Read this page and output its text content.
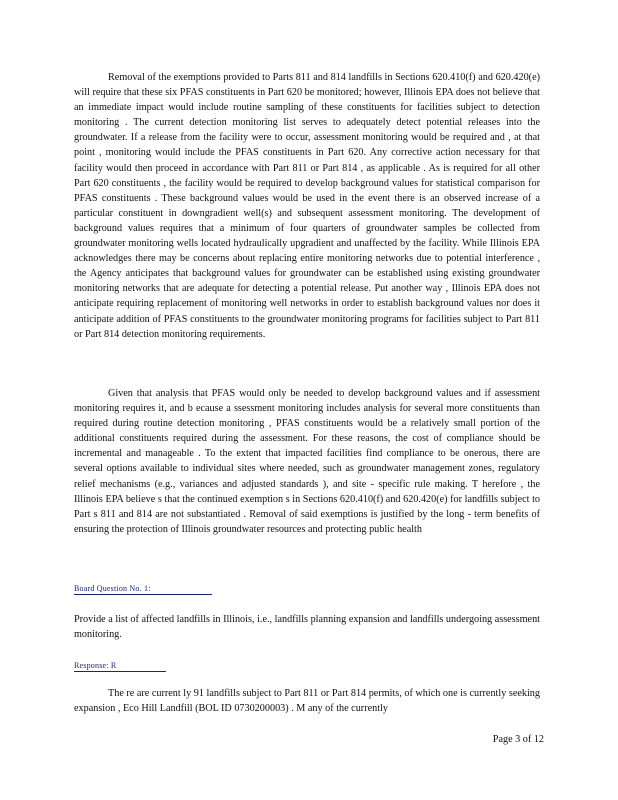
Removal of the exemptions provided to Parts 811 and 814 landfills in Sections 620.410(f) and 620.420(e) will require that these six PFAS constituents in Part 620 be monitored; however, Illinois EPA does not believe that an immediate impact would include routine sampling of these constituents for facilities subject to detection monitoring . The current detection monitoring list serves to adequately detect potential releases into the groundwater. If a release from the facility were to occur, assessment monitoring would be required and , at that point , monitoring would include the PFAS constituents in Part 620. Any corrective action necessary for that facility would then proceed in accordance with Part 811 or Part 814 , as applicable . As is required for all other Part 620 constituents , the facility would be required to develop background values for statistical comparison for PFAS constituents . These background values would be used in the event there is an observed increase of a particular constituent in downgradient well(s) and subsequent assessment monitoring. The development of background values requires that a minimum of four quarters of groundwater samples be collected from groundwater monitoring wells located hydraulically upgradient and unaffected by the facility. While Illinois EPA acknowledges there may be concerns about replacing entire monitoring networks due to potential interference , the Agency anticipates that background values for groundwater can be established using existing groundwater monitoring networks that are adequate for detecting a potential release. Put another way , Illinois EPA does not anticipate requiring replacement of monitoring well networks in order to establish background values nor does it anticipate addition of PFAS constituents to the groundwater monitoring programs for facilities subject to Part 811 or Part 814 detection monitoring requirements.

Given that analysis that PFAS would only be needed to develop background values and if assessment monitoring requires it, and b ecause a ssessment monitoring includes analysis for several more constituents than required during routine detection monitoring , PFAS constituents would be a relatively small portion of the additional constituents required during the assessment. For these reasons, the cost of compliance should be incremental and manageable . To the extent that impacted facilities find compliance to be onerous, there are several options available to individual sites where needed, such as groundwater management zones, regulatory relief mechanisms (e.g., variances and adjusted standards ), and site - specific rule making. T herefore , the Illinois EPA believe s that the continued exemption s in Sections 620.410(f) and 620.420(e) for landfills subject to Part s 811 and 814 are not substantiated . Removal of said exemptions is justified by the long - term benefits of ensuring the protection of Illinois groundwater resources and protecting public health

Board Question No. 1:

Provide a list of affected landfills in Illinois, i.e., landfills planning expansion and landfills undergoing assessment monitoring.

Response: R

The re are current ly 91 landfills subject to Part 811 or Part 814 permits, of which one is currently seeking expansion , Eco Hill Landfill (BOL ID 0730200003) . M any of the currently

Page 3 of 12
